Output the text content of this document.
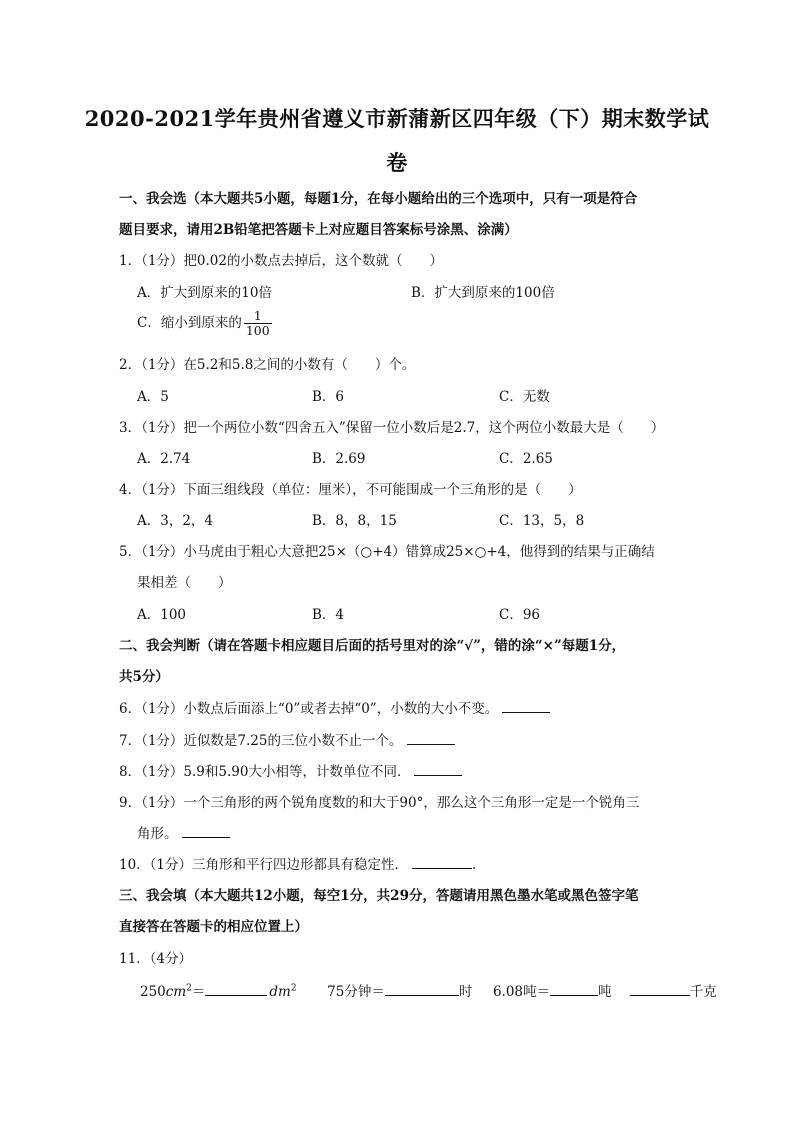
2020-2021学年贵州省遵义市新蒲新区四年级（下）期末数学试
卷
一、我会选（本大题共5小题，每题1分，在每小题给出的三个选项中，只有一项是符合
题目要求，请用2B铅笔把答题卡上对应题目答案标号涂黑、涂满）
1．（1分）把0.02的小数点去掉后，这个数就（　　）
A．扩大到原来的10倍	B．扩大到原来的100倍
C．缩小到原来的 $\frac{1}{100}$
2．（1分）在5.2和5.8之间的小数有（　　）个。
A．5	B．6	C．无数
3．（1分）把一个两位小数“四舍五入”保留一位小数后是2.7，这个两位小数最大是（　　）
A．2.74	B．2.69	C．2.65
4．（1分）下面三组线段（单位：厘米），不可能围成一个三角形的是（　　）
A．3，2，4	B．8，8，15	C．13，5，8
5．（1分）小马虎由于粗心大意把25×（○+4）错算成25×○+4，他得到的结果与正确结
果相差（　　）
A．100	B．4	C．96
二、我会判断（请在答题卡相应题目后面的括号里对的涂“√”，错的涂“×”每题1分，
共5分）
6．（1分）小数点后面添上“0”或者去掉“0”，小数的大小不变。
7．（1分）近似数是7.25的三位小数不止一个。
8．（1分）5.9和5.90大小相等，计数单位不同．
9．（1分）一个三角形的两个锐角度数的和大于90°，那么这个三角形一定是一个锐角三
角形。
10．（1分）三角形和平行四边形都具有稳定性．	．
三、我会填（本大题共12小题，每空1分，共29分，答题请用黑色墨水笔或黑色签字笔
直接答在答题卡的相应位置上）
11．（4分）
$250cm^2=$	$dm^2$ 75分钟＝	时 6.08吨＝	吨	千克
